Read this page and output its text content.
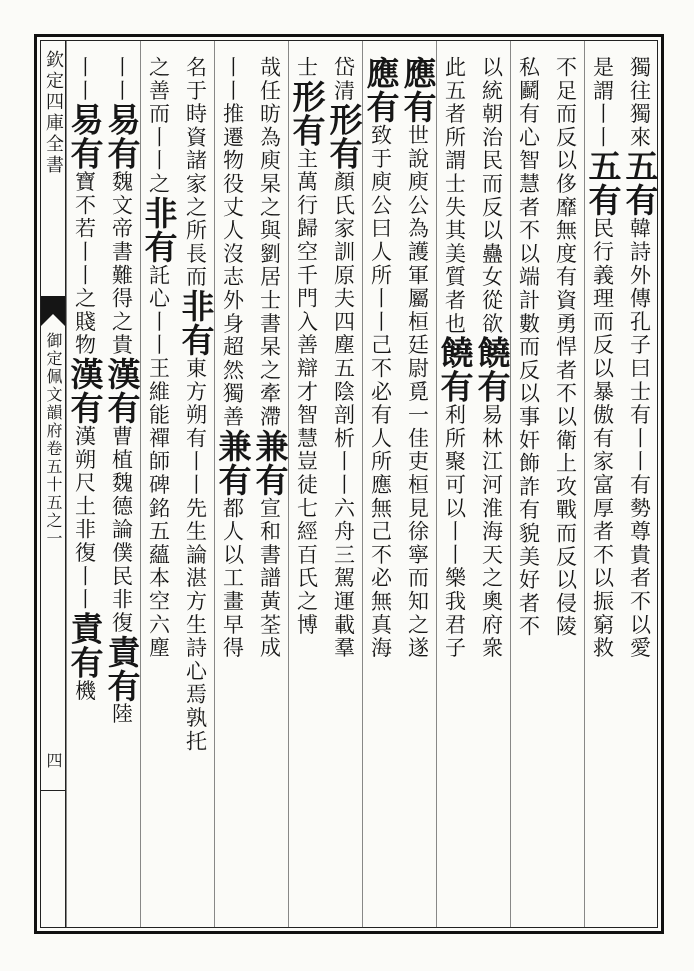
欽定四庫全書
御定佩文韻府卷五十五之一
四
獨往獨來五有韓詩外傳孔子曰士有丨丨有勢尊貴者不以愛
是謂丨丨五有民行義理而反以暴傲有家富厚者不以振窮救
不足而反以侈靡無度有資勇悍者不以衛上攻戰而反以侵陵
私鬬有心智慧者不以端計數而反以事奸飾詐有貌美好者不
以統朝治民而反以蠱女從欲饒有易林江河淮海天之奧府衆
此五者所謂士失其美質者也饒有利所聚可以丨丨樂我君子
應有世說庾公為護軍屬桓廷尉覓一佳吏桓見徐寧而知之遂
應有致于庾公曰人所丨丨己不必有人所應無己不必無真海
岱清形有顏氏家訓原夫四塵五陰剖析丨丨六舟三駕運載羣
士形有主萬行歸空千門入善辯才智慧豈徒七經百氏之博
哉任昉為庾杲之與劉居士書杲之牽滯兼有宣和書譜黃荃成
丨丨推遷物役丈人沒志外身超然獨善兼有都人以工畫早得
名于時資諸家之所長而非有東方朔有丨丨先生論湛方生詩心焉孰托
之善而丨丨之非有託心丨丨王維能禪師碑銘五蘊本空六塵
丨丨易有魏文帝書難得之貴漢有曹植魏德論僕民非復責有陸
丨丨易有寶不若丨丨之賤物漢有漢朔尺土非復丨丨責有機
